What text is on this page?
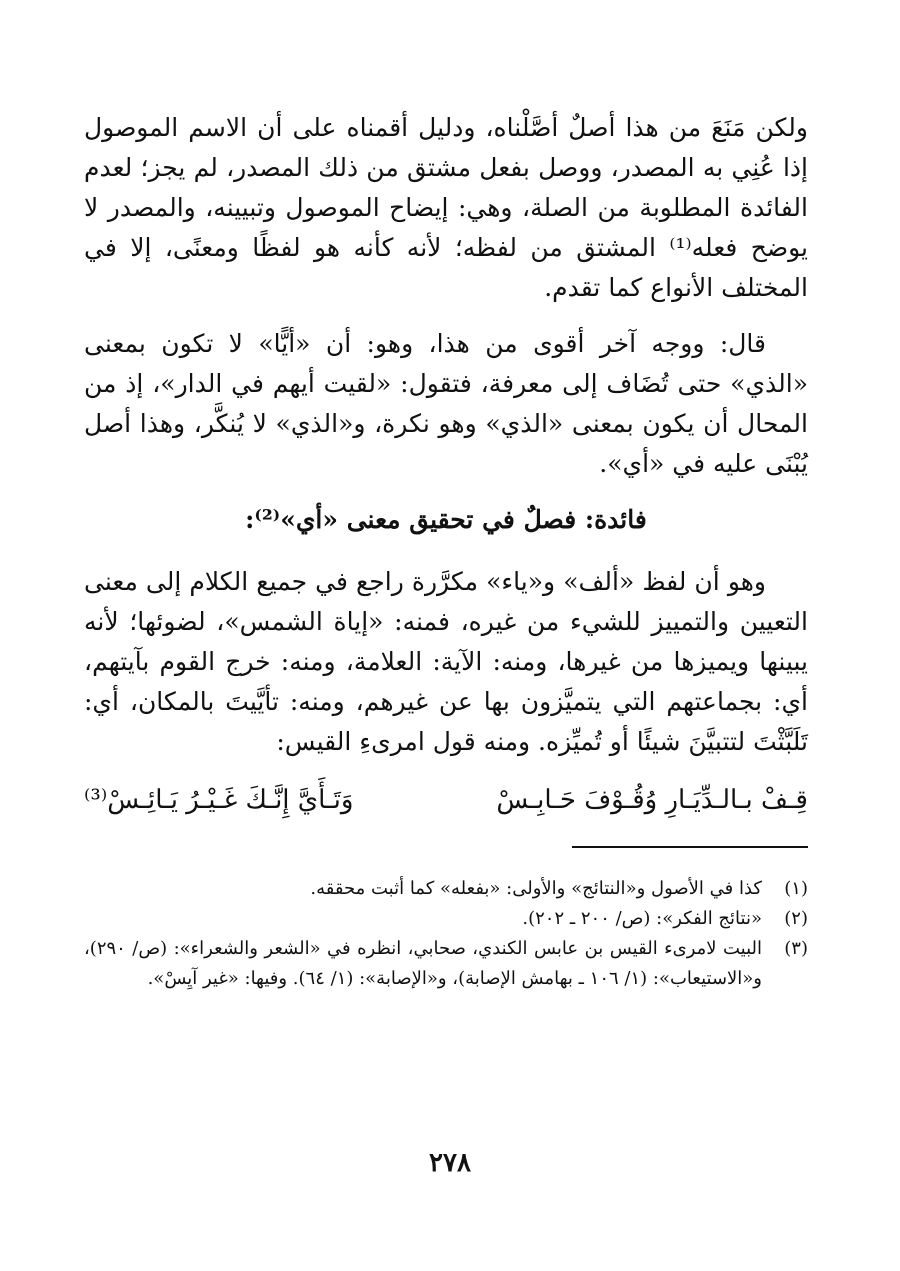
ولكن مَنَعَ من هذا أصلٌ أصَّلْناه، ودليل أقمناه على أن الاسم الموصول إذا عُنِي به المصدر، ووصل بفعل مشتق من ذلك المصدر، لم يجز؛ لعدم الفائدة المطلوبة من الصلة، وهي: إيضاح الموصول وتبيينه، والمصدر لا يوضح فعله⁽¹⁾ المشتق من لفظه؛ لأنه كأنه هو لفظًا ومعنًى، إلا في المختلف الأنواع كما تقدم.

قال: ووجه آخر أقوى من هذا، وهو: أن «أيًّا» لا تكون بمعنى «الذي» حتى تُضَاف إلى معرفة، فتقول: «لقيت أيهم في الدار»، إذ من المحال أن يكون بمعنى «الذي» وهو نكرة، و«الذي» لا يُنكَّر، وهذا أصل يُبْنَى عليه في «أي».

فائدة: فصلٌ في تحقيق معنى «أي»⁽²⁾:

وهو أن لفظ «ألف» و«ياء» مكرَّرة راجع في جميع الكلام إلى معنى التعيين والتمييز للشيء من غيره، فمنه: «إياة الشمس»، لضوئها؛ لأنه يبينها ويميزها من غيرها، ومنه: الآية: العلامة، ومنه: خرج القوم بآيتهم، أي: بجماعتهم التي يتميَّزون بها عن غيرهم، ومنه: تأيَّيتَ بالمكان، أي: تَلَبَّثْتَ لتتبيَّنَ شيئًا أو تُميِّزه. ومنه قول امرىءِ القيس:

قِـفْ بـالـدِّيَـارِ وُقُـوْفَ حَـابِـسْ
وَتَـأَيَّ إِنَّـكَ غَـيْـرُ يَـائِـسْ⁽³⁾
(١)
كذا في الأصول و«النتائج» والأولى: «بفعله» كما أثبت محققه.
(٢)
«نتائج الفكر»: (ص/ ٢٠٠ ـ ٢٠٢).
(٣)
البيت لامرىء القيس بن عابس الكندي، صحابي، انظره في «الشعر والشعراء»: (ص/ ٢٩٠)، و«الاستيعاب»: (١/ ١٠٦ ـ بهامش الإصابة)، و«الإصابة»: (١/ ٦٤). وفيها: «غير آيِسْ».
٢٧٨
